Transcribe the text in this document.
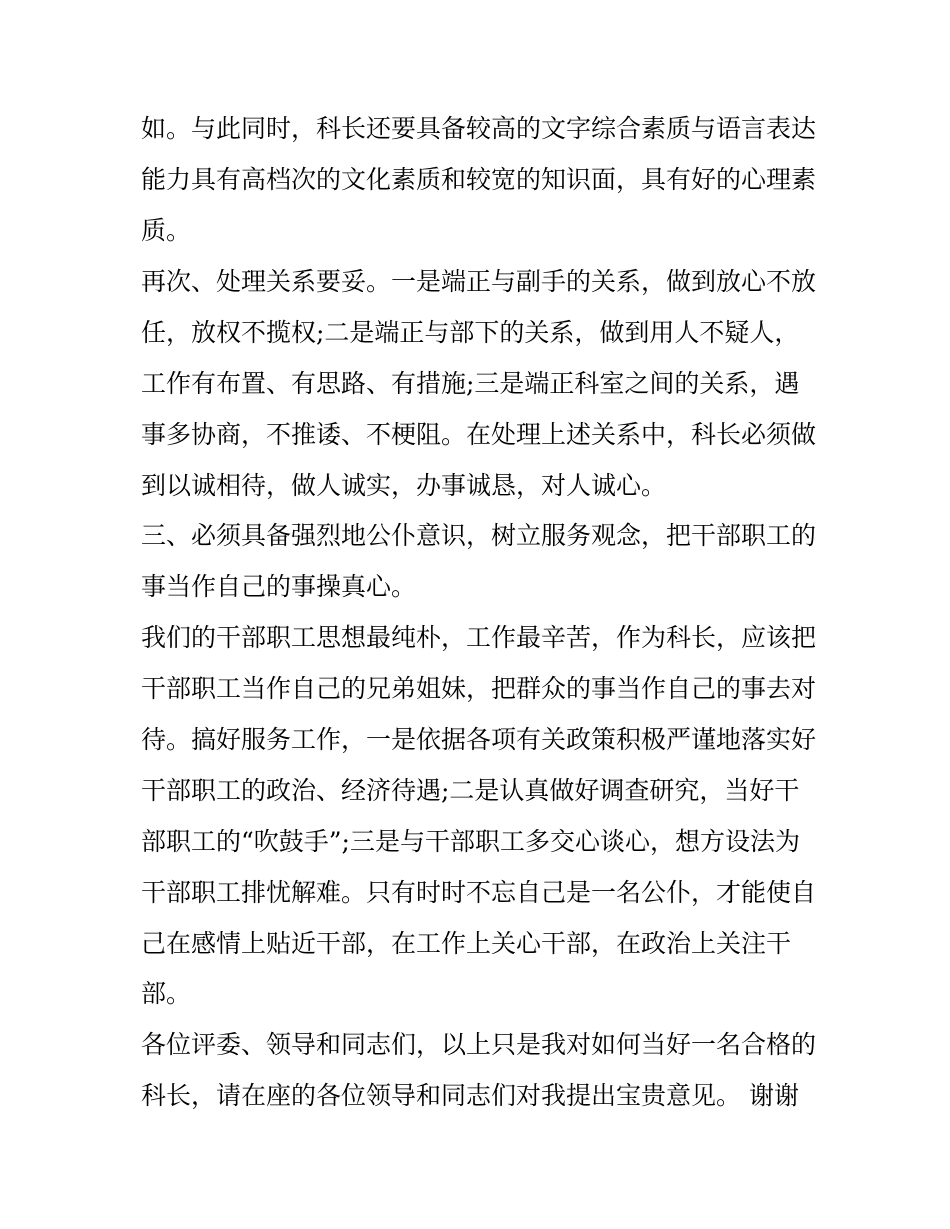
如。与此同时，科长还要具备较高的文字综合素质与语言表达
能力具有高档次的文化素质和较宽的知识面，具有好的心理素
质。
再次、处理关系要妥。一是端正与副手的关系，做到放心不放
任，放权不揽权;二是端正与部下的关系，做到用人不疑人，
工作有布置、有思路、有措施;三是端正科室之间的关系，遇
事多协商，不推诿、不梗阻。在处理上述关系中，科长必须做
到以诚相待，做人诚实，办事诚恳，对人诚心。
三、必须具备强烈地公仆意识，树立服务观念，把干部职工的
事当作自己的事操真心。
我们的干部职工思想最纯朴，工作最辛苦，作为科长，应该把
干部职工当作自己的兄弟姐妹，把群众的事当作自己的事去对
待。搞好服务工作，一是依据各项有关政策积极严谨地落实好
干部职工的政治、经济待遇;二是认真做好调查研究，当好干
部职工的“吹鼓手”;三是与干部职工多交心谈心，想方设法为
干部职工排忧解难。只有时时不忘自己是一名公仆，才能使自
己在感情上贴近干部，在工作上关心干部，在政治上关注干
部。
各位评委、领导和同志们，以上只是我对如何当好一名合格的
科长，请在座的各位领导和同志们对我提出宝贵意见。 谢谢
